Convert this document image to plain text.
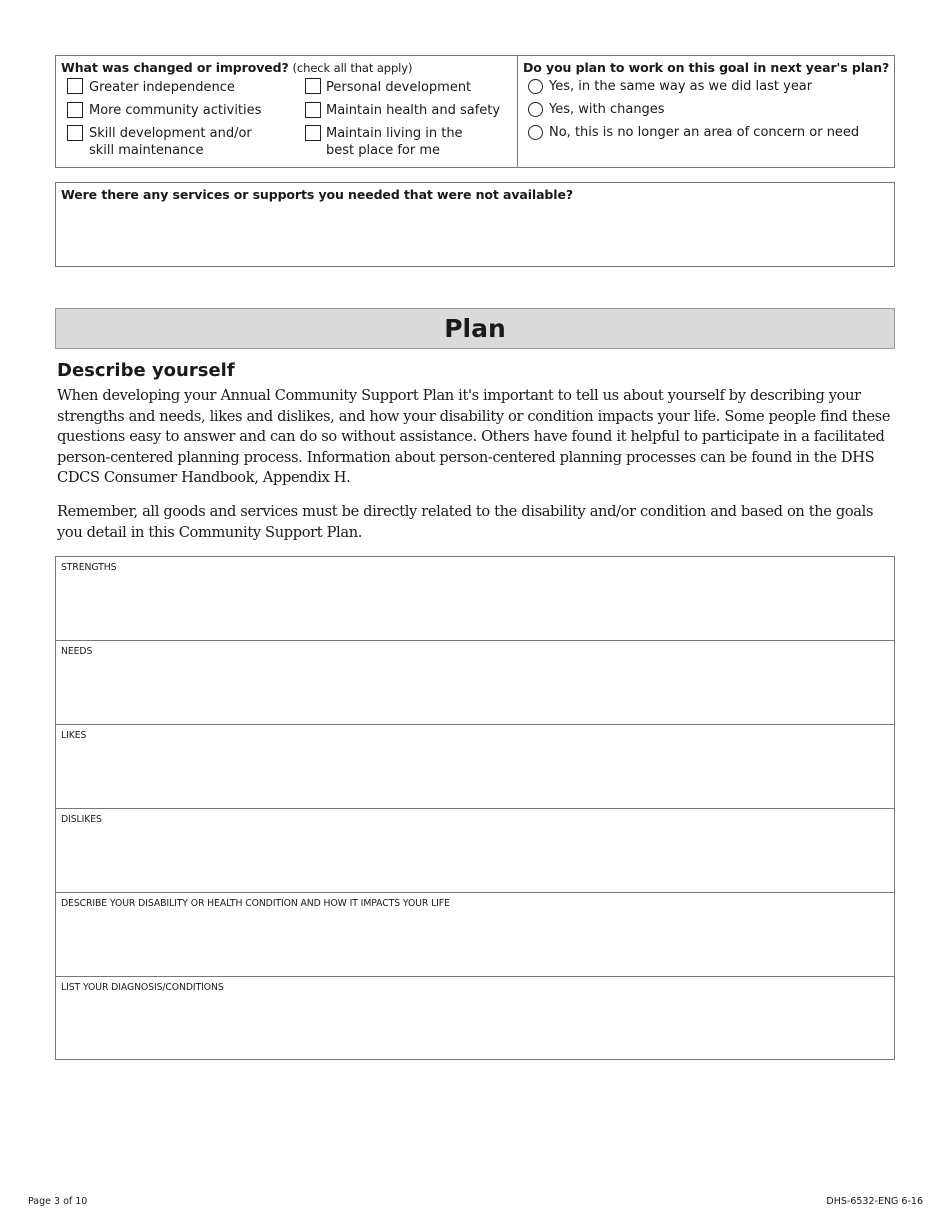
What was changed or improved? (check all that apply)
Greater independence
More community activities
Skill development and/or
skill maintenance
Personal development
Maintain health and safety
Maintain living in the
best place for me
Do you plan to work on this goal in next year's plan?
Yes, in the same way as we did last year
Yes, with changes
No, this is no longer an area of concern or need
Were there any services or supports you needed that were not available?
Plan
Describe yourself

When developing your Annual Community Support Plan it's important to tell us about yourself by describing your strengths and needs, likes and dislikes, and how your disability or condition impacts your life. Some people find these questions easy to answer and can do so without assistance. Others have found it helpful to participate in a facilitated person-centered planning process. Information about person-centered planning processes can be found in the DHS CDCS Consumer Handbook, Appendix H.

Remember, all goods and services must be directly related to the disability and/or condition and based on the goals you detail in this Community Support Plan.

STRENGTHS
NEEDS
LIKES
DISLIKES
DESCRIBE YOUR DISABILITY OR HEALTH CONDITION AND HOW IT IMPACTS YOUR LIFE
LIST YOUR DIAGNOSIS/CONDITIONS
Page 3 of 10	DHS-6532-ENG 6-16
